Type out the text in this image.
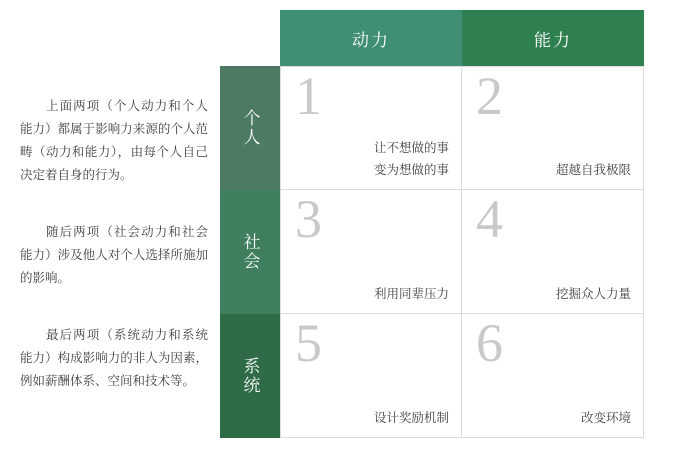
上面两项（个人动力和个人能力）都属于影响力来源的个人范畴（动力和能力），由每个人自己决定着自身的行为。

随后两项（社会动力和社会能力）涉及他人对个人选择所施加的影响。

最后两项（系统动力和系统能力）构成影响力的非人为因素，例如薪酬体系、空间和技术等。

动力	能力
个人
社会
系统
1
让不想做的事
变为想做的事
2
超越自我极限
3
利用同辈压力
4
挖掘众人力量
5
设计奖励机制
6
改变环境
